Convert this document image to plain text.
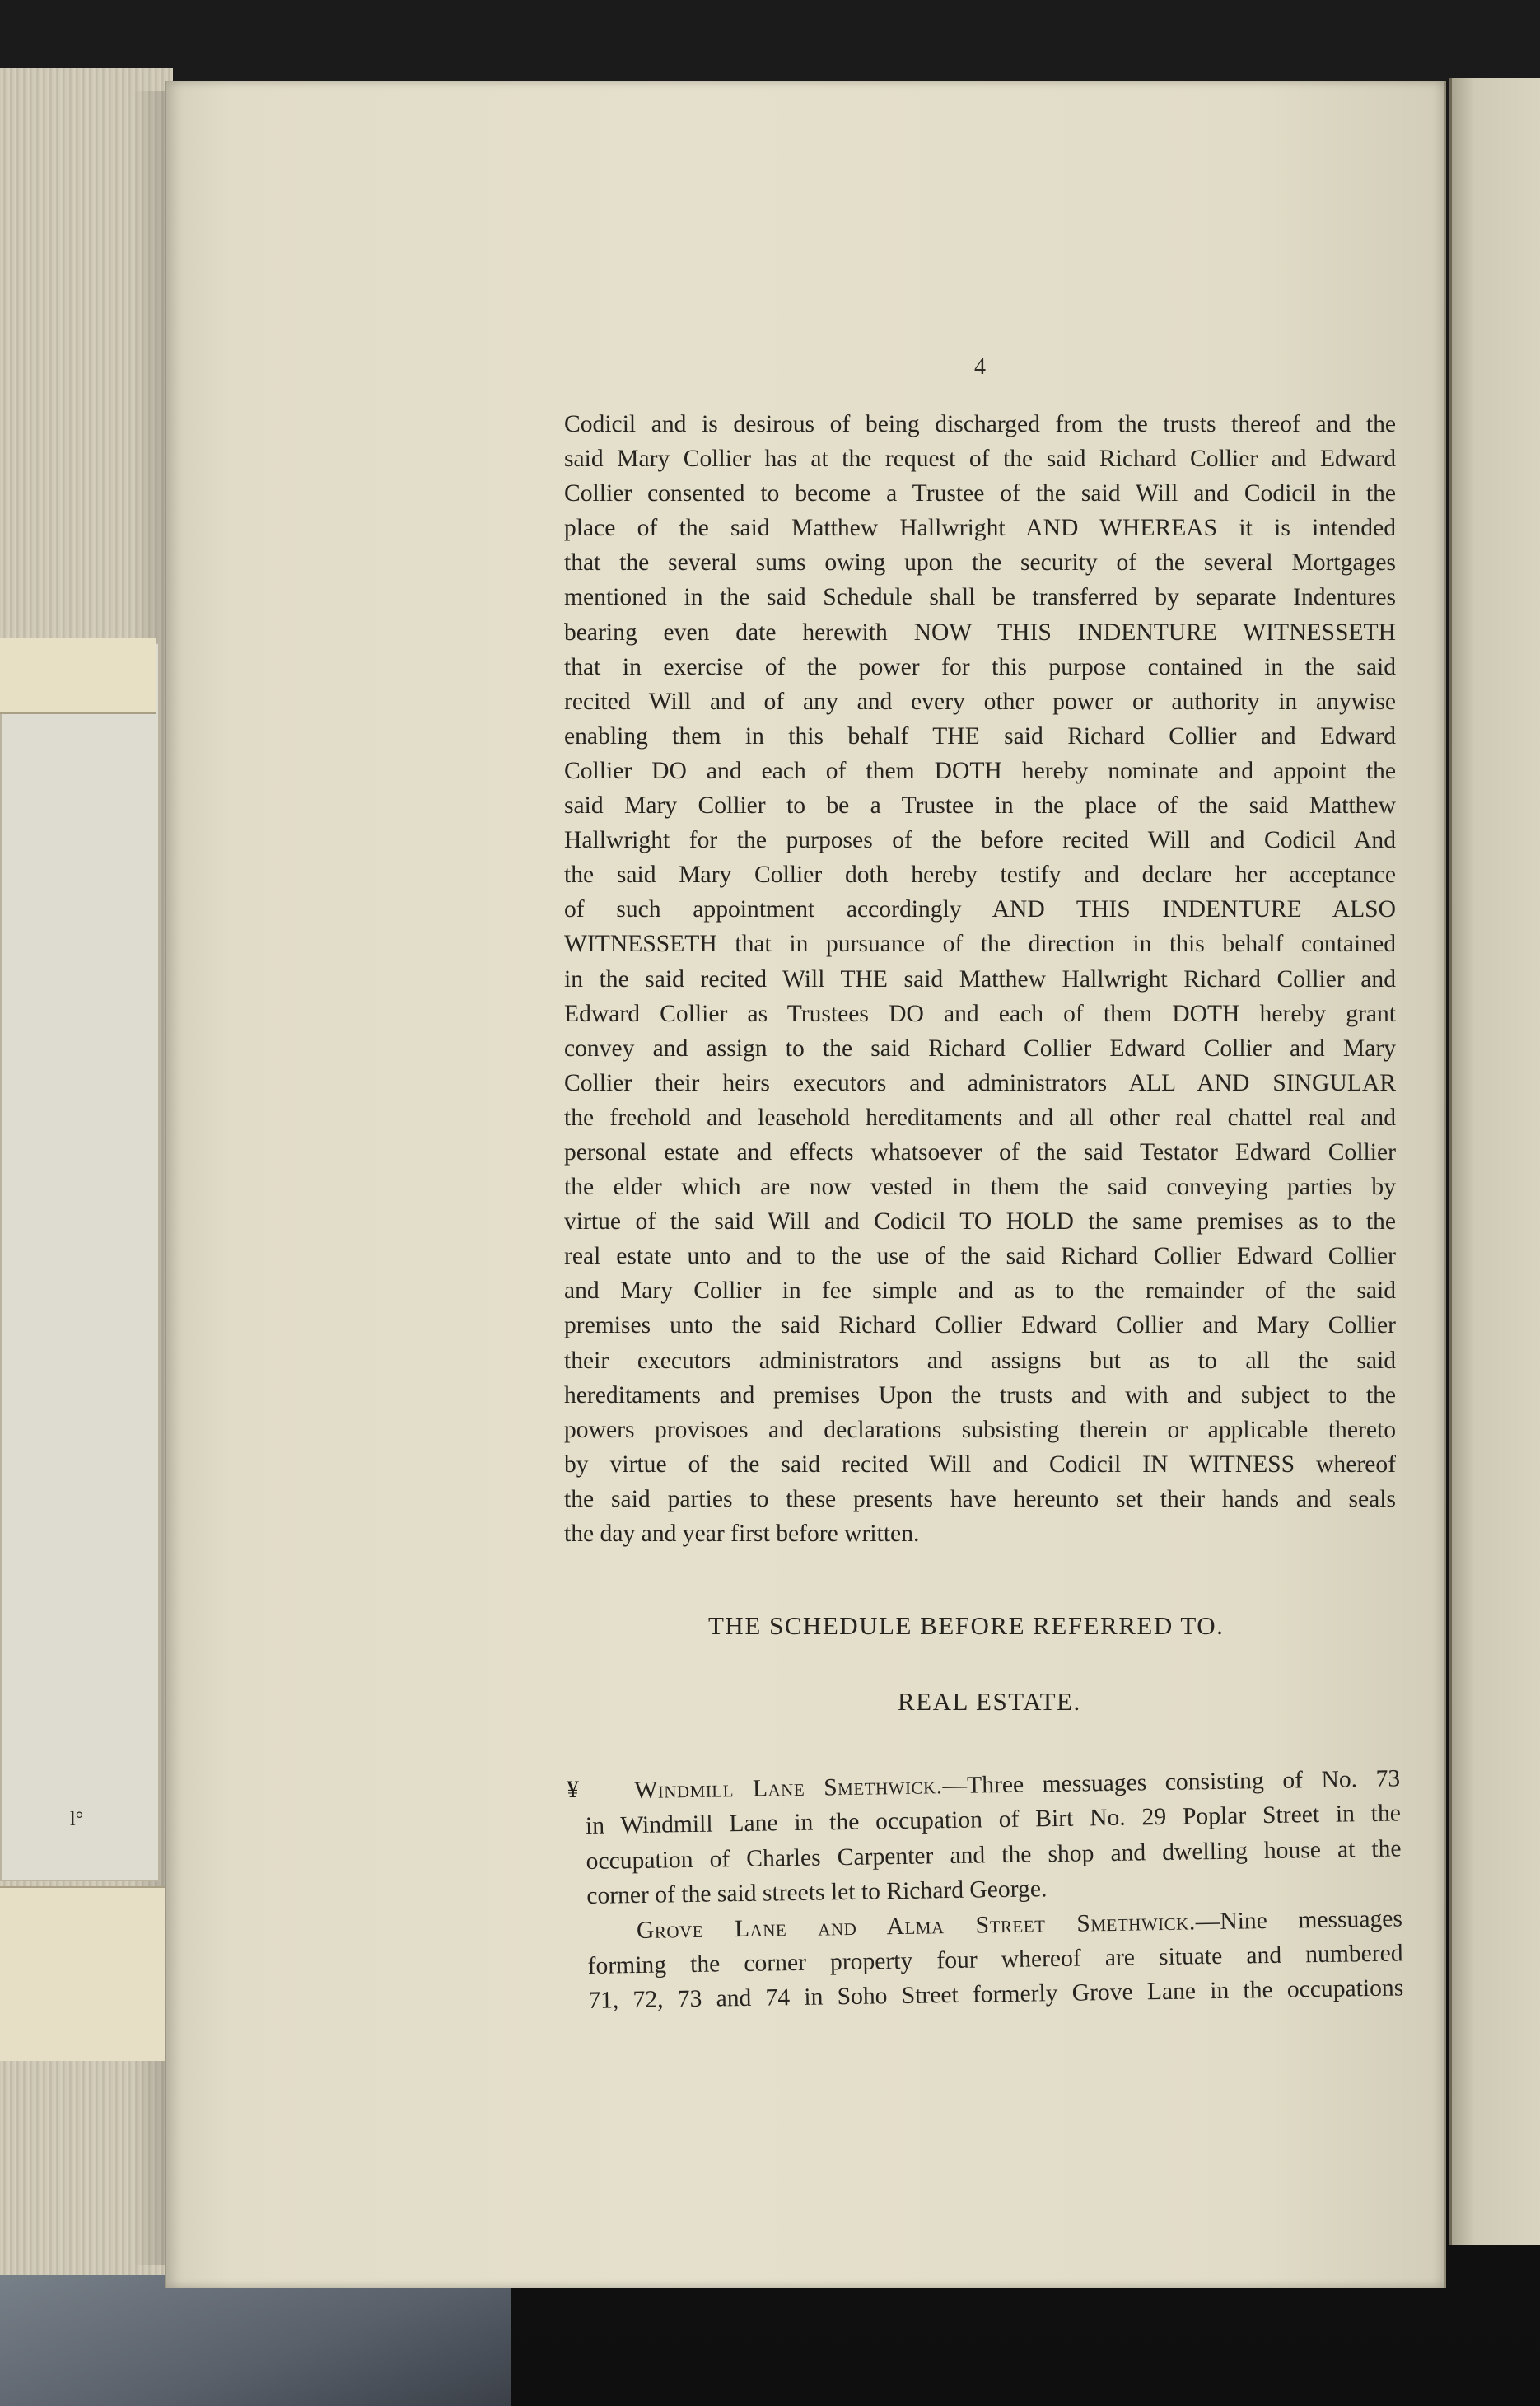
l°
4
Codicil and is desirous of being discharged from the trusts thereof and the
said Mary Collier has at the request of the said Richard Collier and Edward
Collier consented to become a Trustee of the said Will and Codicil in the
place of the said Matthew Hallwright AND WHEREAS it is intended
that the several sums owing upon the security of the several Mortgages
mentioned in the said Schedule shall be transferred by separate Indentures
bearing even date herewith NOW THIS INDENTURE WITNESSETH
that in exercise of the power for this purpose contained in the said
recited Will and of any and every other power or authority in anywise
enabling them in this behalf THE said Richard Collier and Edward
Collier DO and each of them DOTH hereby nominate and appoint the
said Mary Collier to be a Trustee in the place of the said Matthew
Hallwright for the purposes of the before recited Will and Codicil And
the said Mary Collier doth hereby testify and declare her acceptance
of such appointment accordingly AND THIS INDENTURE ALSO
WITNESSETH that in pursuance of the direction in this behalf contained
in the said recited Will THE said Matthew Hallwright Richard Collier and
Edward Collier as Trustees DO and each of them DOTH hereby grant
convey and assign to the said Richard Collier Edward Collier and Mary
Collier their heirs executors and administrators ALL AND SINGULAR
the freehold and leasehold hereditaments and all other real chattel real and
personal estate and effects whatsoever of the said Testator Edward Collier
the elder which are now vested in them the said conveying parties by
virtue of the said Will and Codicil TO HOLD the same premises as to the
real estate unto and to the use of the said Richard Collier Edward Collier
and Mary Collier in fee simple and as to the remainder of the said
premises unto the said Richard Collier Edward Collier and Mary Collier
their executors administrators and assigns but as to all the said
hereditaments and premises Upon the trusts and with and subject to the
powers provisoes and declarations subsisting therein or applicable thereto
by virtue of the said recited Will and Codicil IN WITNESS whereof
the said parties to these presents have hereunto set their hands and seals
the day and year first before written.
THE SCHEDULE BEFORE REFERRED TO.
REAL ESTATE.
¥	Windmill Lane Smethwick.—Three messuages consisting of No. 73
in Windmill Lane in the occupation of Birt No. 29 Poplar Street in the
occupation of Charles Carpenter and the shop and dwelling house at the
corner of the said streets let to Richard George.
Grove Lane and Alma Street Smethwick.—Nine messuages
forming the corner property four whereof are situate and numbered
71, 72, 73 and 74 in Soho Street formerly Grove Lane in the occupations
